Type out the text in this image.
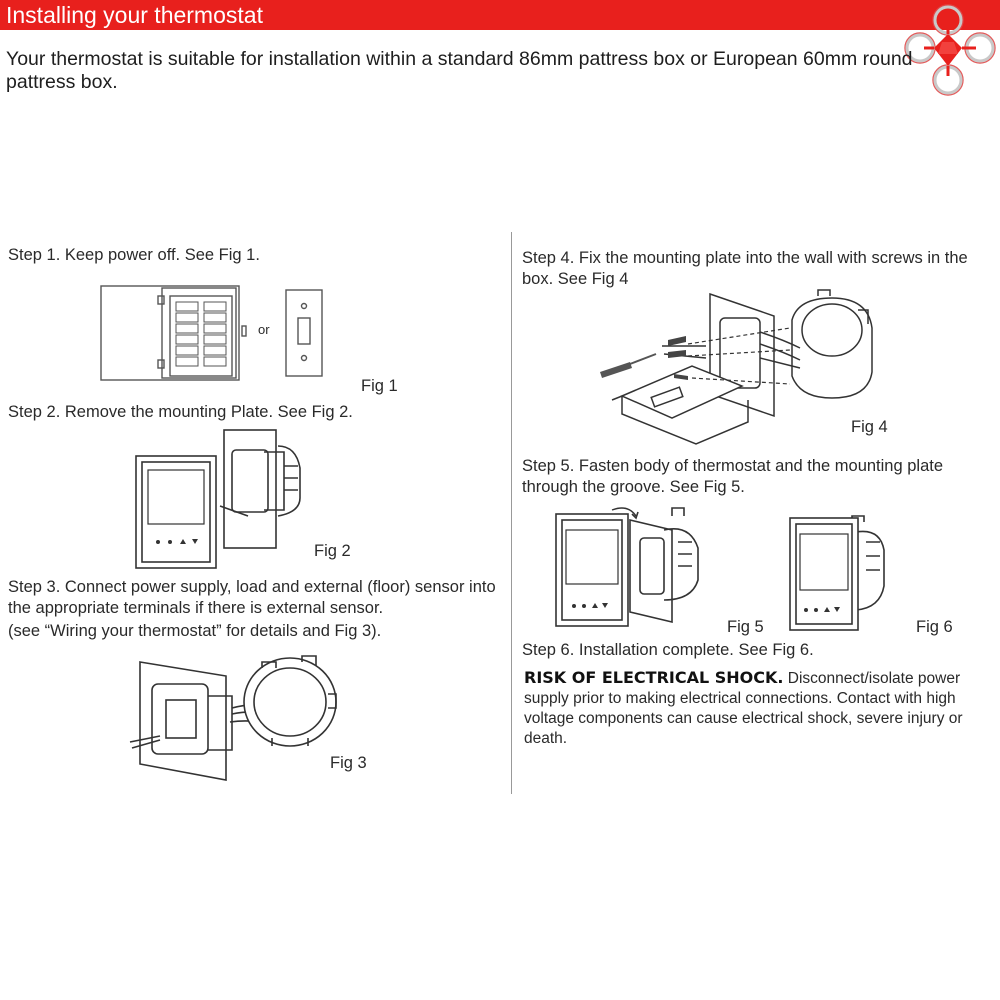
Installing your thermostat
Your thermostat is suitable for installation within a standard 86mm pattress box or European 60mm round pattress box.
Step 1. Keep power off. See Fig 1.
or
Fig 1
Step 2. Remove the mounting Plate. See Fig 2.
Fig 2
Step 3. Connect power supply, load and external (floor) sensor into the appropriate terminals if there is external sensor.
(see “Wiring your thermostat” for details and Fig 3).
Fig 3
Step 4. Fix the mounting plate into the wall with screws in the box. See Fig 4
Fig 4
Step 5. Fasten body of thermostat and the mounting plate through the groove. See Fig 5.
Fig 5	Fig 6
Step 6. Installation complete. See Fig 6.
RISK OF ELECTRICAL SHOCK. Disconnect/isolate power supply prior to making electrical connections. Contact with high voltage components can cause electrical shock, severe injury or death.
